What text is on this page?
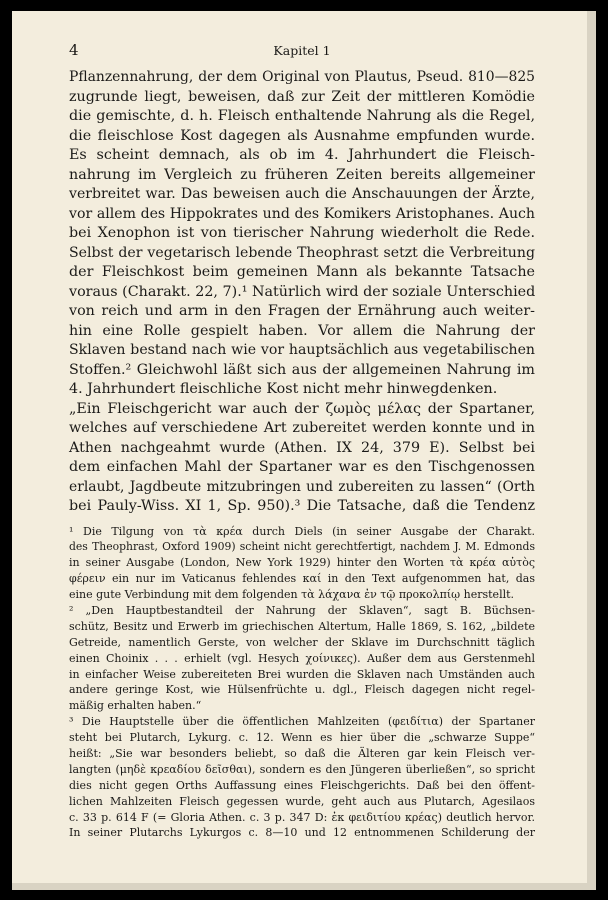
4	Kapitel 1
Pflanzennahrung, der dem Original von Plautus, Pseud. 810—825
zugrunde liegt, beweisen, daß zur Zeit der mittleren Komödie
die gemischte, d. h. Fleisch enthaltende Nahrung als die Regel,
die fleischlose Kost dagegen als Ausnahme empfunden wurde.
Es scheint demnach, als ob im 4. Jahrhundert die Fleisch-
nahrung im Vergleich zu früheren Zeiten bereits allgemeiner
verbreitet war. Das beweisen auch die Anschauungen der Ärzte,
vor allem des Hippokrates und des Komikers Aristophanes. Auch
bei Xenophon ist von tierischer Nahrung wiederholt die Rede.
Selbst der vegetarisch lebende Theophrast setzt die Verbreitung
der Fleischkost beim gemeinen Mann als bekannte Tatsache
voraus (Charakt. 22, 7).¹ Natürlich wird der soziale Unterschied
von reich und arm in den Fragen der Ernährung auch weiter-
hin eine Rolle gespielt haben. Vor allem die Nahrung der
Sklaven bestand nach wie vor hauptsächlich aus vegetabilischen
Stoffen.² Gleichwohl läßt sich aus der allgemeinen Nahrung im
4. Jahrhundert fleischliche Kost nicht mehr hinwegdenken.
„Ein Fleischgericht war auch der ζωμὸς μέλας der Spartaner,
welches auf verschiedene Art zubereitet werden konnte und in
Athen nachgeahmt wurde (Athen. IX 24, 379 E). Selbst bei
dem einfachen Mahl der Spartaner war es den Tischgenossen
erlaubt, Jagdbeute mitzubringen und zubereiten zu lassen“ (Orth
bei Pauly-Wiss. XI 1, Sp. 950).³ Die Tatsache, daß die Tendenz
¹ Die Tilgung von τὰ κρέα durch Diels (in seiner Ausgabe der Charakt.
des Theophrast, Oxford 1909) scheint nicht gerechtfertigt, nachdem J. M. Edmonds
in seiner Ausgabe (London, New York 1929) hinter den Worten τὰ κρέα αὐτὸς
φέρειν ein nur im Vaticanus fehlendes καί in den Text aufgenommen hat, das
eine gute Verbindung mit dem folgenden τὰ λάχανα ἐν τῷ προκολπίῳ herstellt.
² „Den Hauptbestandteil der Nahrung der Sklaven“, sagt B. Büchsen-
schütz, Besitz und Erwerb im griechischen Altertum, Halle 1869, S. 162, „bildete
Getreide, namentlich Gerste, von welcher der Sklave im Durchschnitt täglich
einen Choinix . . . erhielt (vgl. Hesych χοίνικες). Außer dem aus Gerstenmehl
in einfacher Weise zubereiteten Brei wurden die Sklaven nach Umständen auch
andere geringe Kost, wie Hülsenfrüchte u. dgl., Fleisch dagegen nicht regel-
mäßig erhalten haben.“
³ Die Hauptstelle über die öffentlichen Mahlzeiten (φειδίτια) der Spartaner
steht bei Plutarch, Lykurg. c. 12. Wenn es hier über die „schwarze Suppe“
heißt: „Sie war besonders beliebt, so daß die Älteren gar kein Fleisch ver-
langten (μηδὲ κρεαδίου δεῖσθαι), sondern es den Jüngeren überließen“, so spricht
dies nicht gegen Orths Auffassung eines Fleischgerichts. Daß bei den öffent-
lichen Mahlzeiten Fleisch gegessen wurde, geht auch aus Plutarch, Agesilaos
c. 33 p. 614 F (= Gloria Athen. c. 3 p. 347 D: ἐκ φειδιτίου κρέας) deutlich hervor.
In seiner Plutarchs Lykurgos c. 8—10 und 12 entnommenen Schilderung der
